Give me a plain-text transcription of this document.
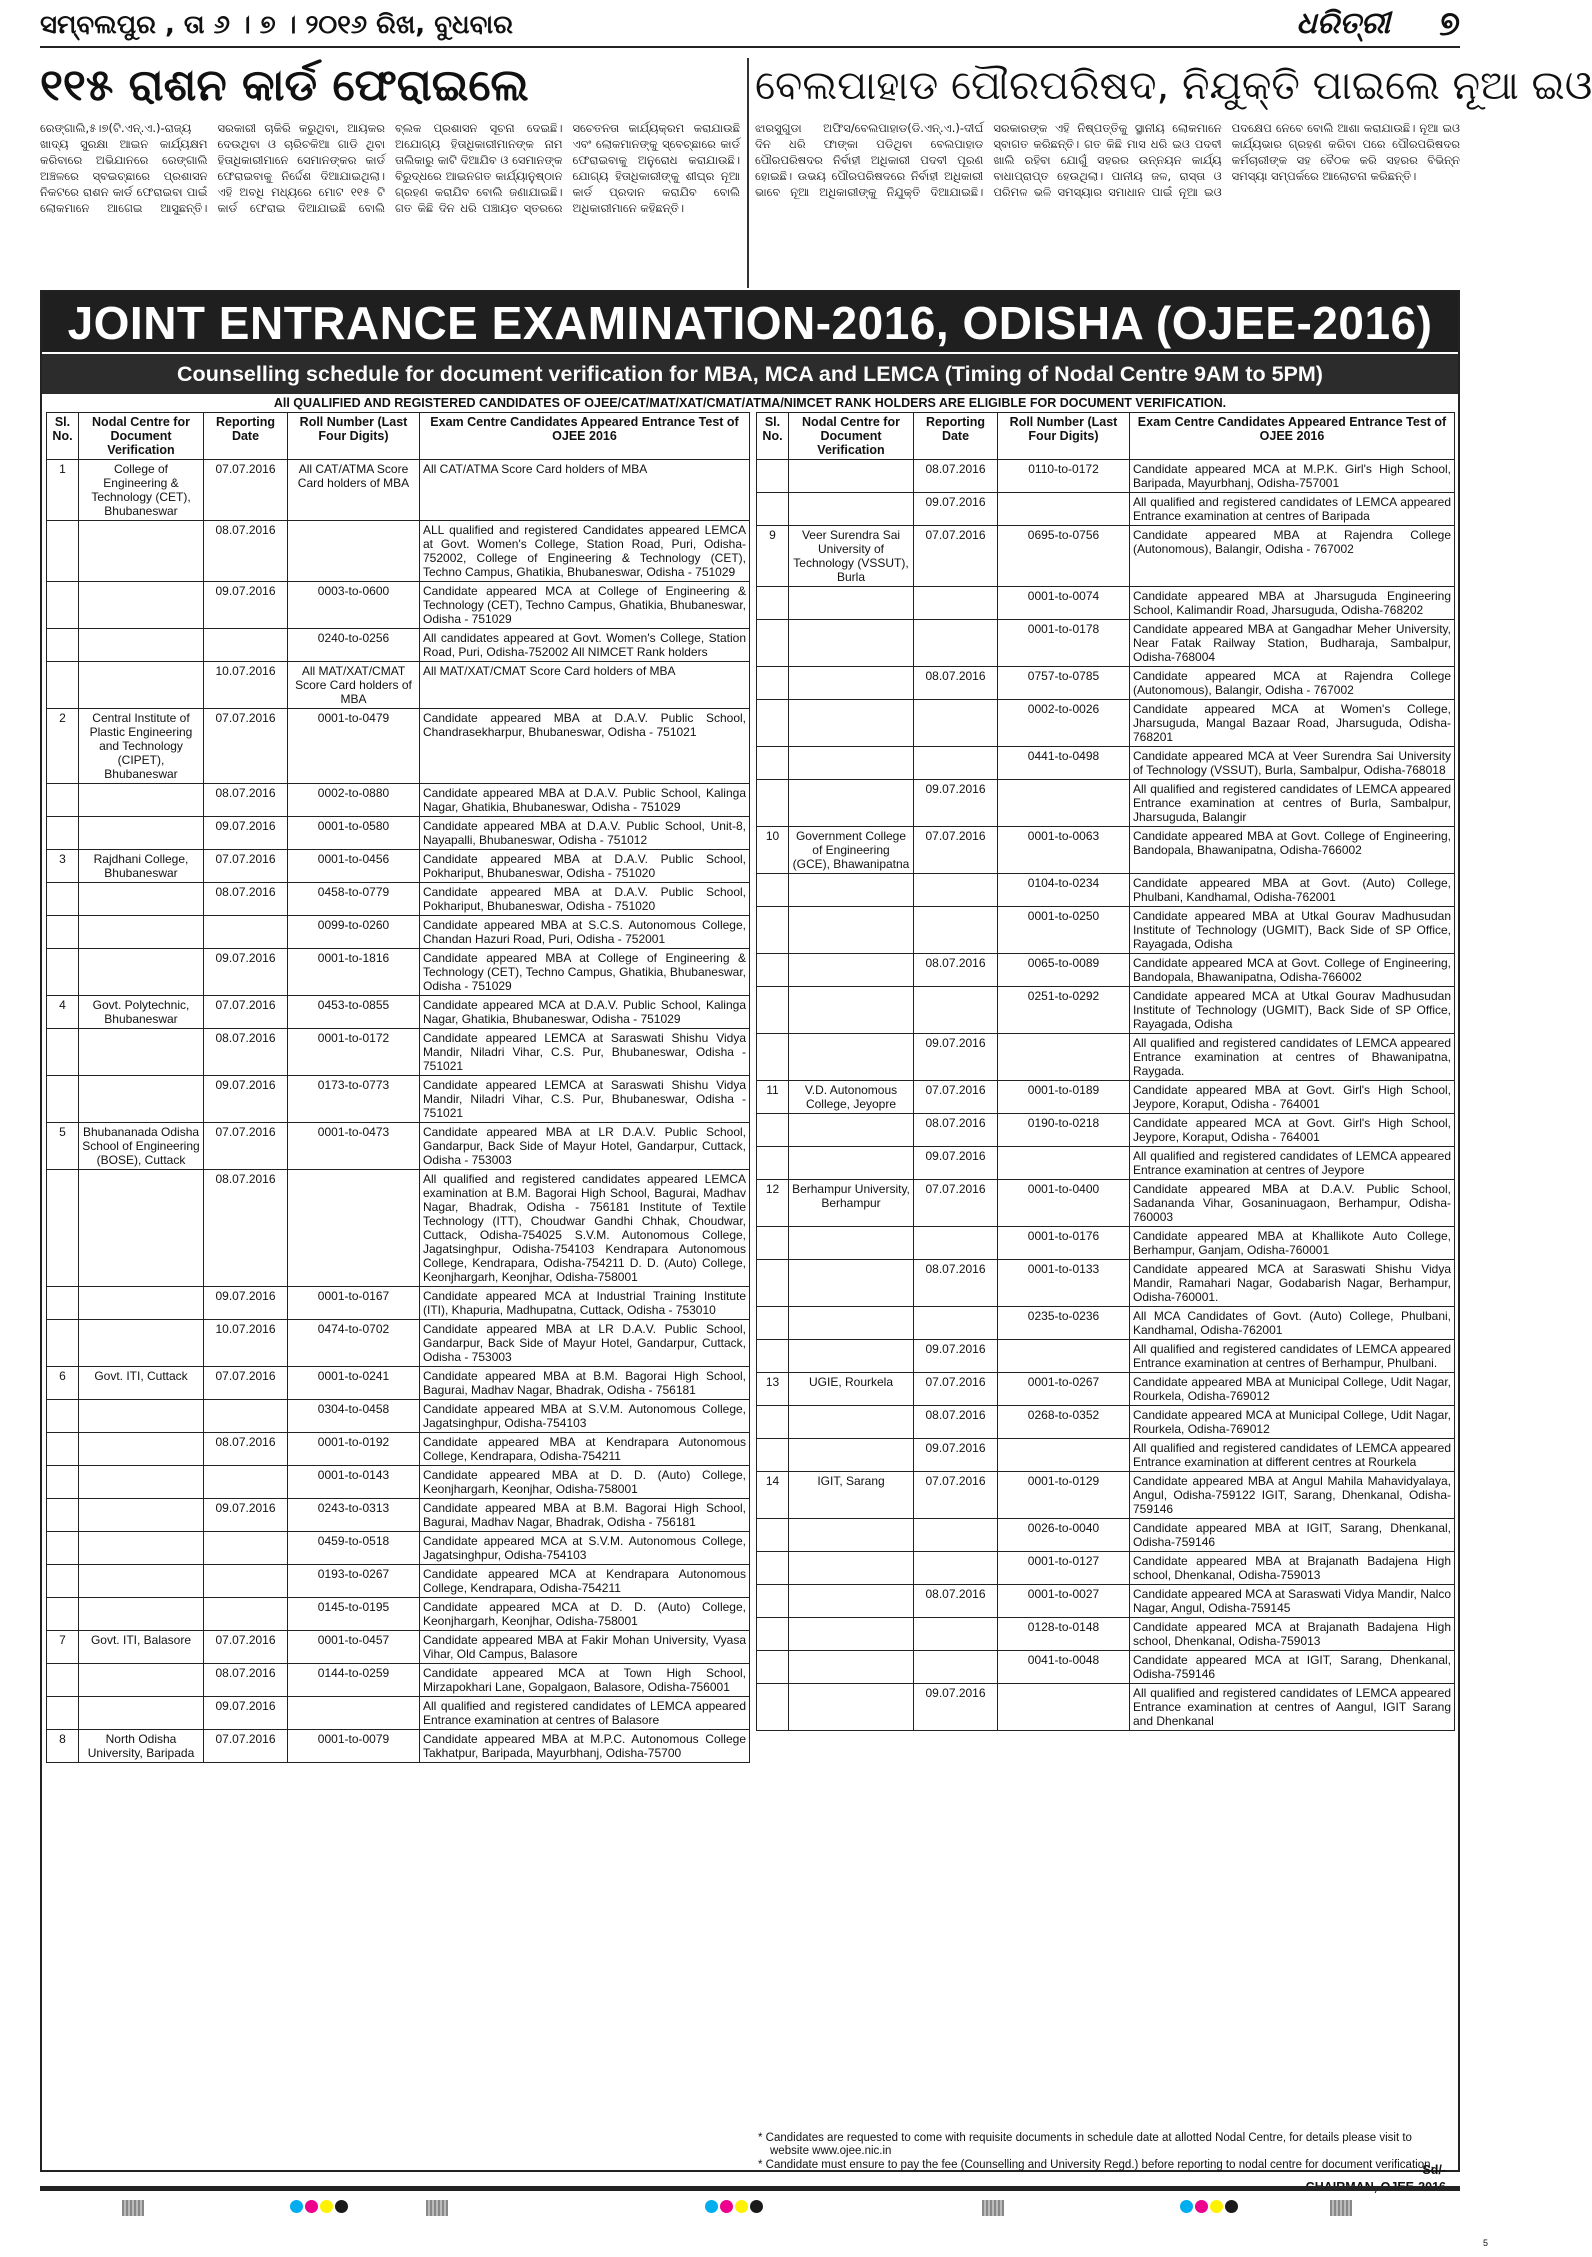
ସମ୍ବଲପୁର , ତା ୬ । ୭ । ୨୦୧୬ ରିଖ, ବୁଧବାର	ଧରିତ୍ରୀ ୭
୧୧୫ ରାଶନ କାର୍ଡ ଫେରାଇଲେ
ରେଙ୍ଗାଲି,୫।୭(ଟି.ଏନ୍.ଏ.)-ରାଜ୍ୟ ଖାଦ୍ୟ ସୁରକ୍ଷା ଆଇନ କାର୍ଯ୍ୟକ୍ଷମ କରିବାରେ ଅଭିଯାନରେ ରେଙ୍ଗାଲି ଅଞ୍ଚଳରେ ସ୍ବଇଚ୍ଛାରେ ପ୍ରଶାସନ ନିକଟରେ ରାଶନ କାର୍ଡ ଫେରାଇବା ପାଇଁ ଲୋକମାନେ ଆଗେଇ ଆସୁଛନ୍ତି। ସରକାରୀ ଚାକିରି କରୁଥିବା, ଆୟକର ଦେଉଥିବା ଓ ଚାରିଚକିଆ ଗାଡି ଥିବା ହିତାଧିକାରୀମାନେ ସେମାନଙ୍କର କାର୍ଡ ଫେରାଇବାକୁ ନିର୍ଦ୍ଦେଶ ଦିଆଯାଇଥିଲା। ଏହି ଅବଧି ମଧ୍ୟରେ ମୋଟ ୧୧୫ ଟି କାର୍ଡ ଫେରାଇ ଦିଆଯାଇଛି ବୋଲି ବ୍ଲକ ପ୍ରଶାସନ ସୂଚନା ଦେଇଛି। ଅଯୋଗ୍ୟ ହିତାଧିକାରୀମାନଙ୍କ ନାମ ତାଲିକାରୁ କାଟି ଦିଆଯିବ ଓ ସେମାନଙ୍କ ବିରୁଦ୍ଧରେ ଆଇନଗତ କାର୍ଯ୍ୟାନୁଷ୍ଠାନ ଗ୍ରହଣ କରାଯିବ ବୋଲି ଜଣାଯାଇଛି। ଗତ କିଛି ଦିନ ଧରି ପଞ୍ଚାୟତ ସ୍ତରରେ ସଚେତନତା କାର୍ଯ୍ୟକ୍ରମ କରାଯାଉଛି ଏବଂ ଲୋକମାନଙ୍କୁ ସ୍ବେଚ୍ଛାରେ କାର୍ଡ ଫେରାଇବାକୁ ଅନୁରୋଧ କରାଯାଉଛି। ଯୋଗ୍ୟ ହିତାଧିକାରୀଙ୍କୁ ଶୀଘ୍ର ନୂଆ କାର୍ଡ ପ୍ରଦାନ କରାଯିବ ବୋଲି ଅଧିକାରୀମାନେ କହିଛନ୍ତି।
ବେଲପାହାଡ ପୌରପରିଷଦ, ନିଯୁକ୍ତି ପାଇଲେ ନୂଆ ଇଓ
ଝାରସୁଗୁଡା ଅଫିସ/ବେଲପାହାଡ(ଡି.ଏନ୍.ଏ.)-ଦୀର୍ଘ ଦିନ ଧରି ଫାଙ୍କା ପଡିଥିବା ବେଲପାହାଡ ପୌରପରିଷଦର ନିର୍ବାହୀ ଅଧିକାରୀ ପଦବୀ ପୂରଣ ହୋଇଛି। ଉଭୟ ପୌରପରିଷଦରେ ନିର୍ବାହୀ ଅଧିକାରୀ ଭାବେ ନୂଆ ଅଧିକାରୀଙ୍କୁ ନିଯୁକ୍ତି ଦିଆଯାଇଛି। ସରକାରଙ୍କ ଏହି ନିଷ୍ପତ୍ତିକୁ ସ୍ଥାନୀୟ ଲୋକମାନେ ସ୍ବାଗତ କରିଛନ୍ତି। ଗତ କିଛି ମାସ ଧରି ଇଓ ପଦବୀ ଖାଲି ରହିବା ଯୋଗୁଁ ସହରର ଉନ୍ନୟନ କାର୍ଯ୍ୟ ବାଧାପ୍ରାପ୍ତ ହେଉଥିଲା। ପାନୀୟ ଜଳ, ରାସ୍ତା ଓ ପରିମଳ ଭଳି ସମସ୍ୟାର ସମାଧାନ ପାଇଁ ନୂଆ ଇଓ ପଦକ୍ଷେପ ନେବେ ବୋଲି ଆଶା କରାଯାଉଛି। ନୂଆ ଇଓ କାର୍ଯ୍ୟଭାର ଗ୍ରହଣ କରିବା ପରେ ପୌରପରିଷଦର କର୍ମଚାରୀଙ୍କ ସହ ବୈଠକ କରି ସହରର ବିଭିନ୍ନ ସମସ୍ୟା ସମ୍ପର୍କରେ ଆଲୋଚନା କରିଛନ୍ତି।
JOINT ENTRANCE EXAMINATION-2016, ODISHA (OJEE-2016)
Counselling schedule for document verification for MBA, MCA and LEMCA (Timing of Nodal Centre 9AM to 5PM)
All QUALIFIED AND REGISTERED CANDIDATES OF OJEE/CAT/MAT/XAT/CMAT/ATMA/NIMCET RANK HOLDERS ARE ELIGIBLE FOR DOCUMENT VERIFICATION.
Sl. No.	Nodal Centre for Document Verification	Reporting Date	Roll Number (Last Four Digits)	Exam Centre Candidates Appeared Entrance Test of OJEE 2016
1	College of Engineering & Technology (CET), Bhubaneswar	07.07.2016	All CAT/ATMA Score Card holders of MBA	All CAT/ATMA Score Card holders of MBA
		08.07.2016		ALL qualified and registered Candidates appeared LEMCA at Govt. Women's College, Station Road, Puri, Odisha-752002, College of Engineering & Technology (CET), Techno Campus, Ghatikia, Bhubaneswar, Odisha - 751029
		09.07.2016	0003-to-0600	Candidate appeared MCA at College of Engineering & Technology (CET), Techno Campus, Ghatikia, Bhubaneswar, Odisha - 751029
			0240-to-0256	All candidates appeared at Govt. Women's College, Station Road, Puri, Odisha-752002 All NIMCET Rank holders
		10.07.2016	All MAT/XAT/CMAT Score Card holders of MBA	All MAT/XAT/CMAT Score Card holders of MBA
2	Central Institute of Plastic Engineering and Technology (CIPET), Bhubaneswar	07.07.2016	0001-to-0479	Candidate appeared MBA at D.A.V. Public School, Chandrasekharpur, Bhubaneswar, Odisha - 751021
		08.07.2016	0002-to-0880	Candidate appeared MBA at D.A.V. Public School, Kalinga Nagar, Ghatikia, Bhubaneswar, Odisha - 751029
		09.07.2016	0001-to-0580	Candidate appeared MBA at D.A.V. Public School, Unit-8, Nayapalli, Bhubaneswar, Odisha - 751012
3	Rajdhani College, Bhubaneswar	07.07.2016	0001-to-0456	Candidate appeared MBA at D.A.V. Public School, Pokhariput, Bhubaneswar, Odisha - 751020
		08.07.2016	0458-to-0779	Candidate appeared MBA at D.A.V. Public School, Pokhariput, Bhubaneswar, Odisha - 751020
			0099-to-0260	Candidate appeared MBA at S.C.S. Autonomous College, Chandan Hazuri Road, Puri, Odisha - 752001
		09.07.2016	0001-to-1816	Candidate appeared MBA at College of Engineering & Technology (CET), Techno Campus, Ghatikia, Bhubaneswar, Odisha - 751029
4	Govt. Polytechnic, Bhubaneswar	07.07.2016	0453-to-0855	Candidate appeared MCA at D.A.V. Public School, Kalinga Nagar, Ghatikia, Bhubaneswar, Odisha - 751029
		08.07.2016	0001-to-0172	Candidate appeared LEMCA at Saraswati Shishu Vidya Mandir, Niladri Vihar, C.S. Pur, Bhubaneswar, Odisha - 751021
		09.07.2016	0173-to-0773	Candidate appeared LEMCA at Saraswati Shishu Vidya Mandir, Niladri Vihar, C.S. Pur, Bhubaneswar, Odisha - 751021
5	Bhubananada Odisha School of Engineering (BOSE), Cuttack	07.07.2016	0001-to-0473	Candidate appeared MBA at LR D.A.V. Public School, Gandarpur, Back Side of Mayur Hotel, Gandarpur, Cuttack, Odisha - 753003
		08.07.2016		All qualified and registered candidates appeared LEMCA examination at B.M. Bagorai High School, Bagurai, Madhav Nagar, Bhadrak, Odisha - 756181 Institute of Textile Technology (ITT), Choudwar Gandhi Chhak, Choudwar, Cuttack, Odisha-754025 S.V.M. Autonomous College, Jagatsinghpur, Odisha-754103 Kendrapara Autonomous College, Kendrapara, Odisha-754211 D. D. (Auto) College, Keonjhargarh, Keonjhar, Odisha-758001
		09.07.2016	0001-to-0167	Candidate appeared MCA at Industrial Training Institute (ITI), Khapuria, Madhupatna, Cuttack, Odisha - 753010
		10.07.2016	0474-to-0702	Candidate appeared MBA at LR D.A.V. Public School, Gandarpur, Back Side of Mayur Hotel, Gandarpur, Cuttack, Odisha - 753003
6	Govt. ITI, Cuttack	07.07.2016	0001-to-0241	Candidate appeared MBA at B.M. Bagorai High School, Bagurai, Madhav Nagar, Bhadrak, Odisha - 756181
			0304-to-0458	Candidate appeared MBA at S.V.M. Autonomous College, Jagatsinghpur, Odisha-754103
		08.07.2016	0001-to-0192	Candidate appeared MBA at Kendrapara Autonomous College, Kendrapara, Odisha-754211
			0001-to-0143	Candidate appeared MBA at D. D. (Auto) College, Keonjhargarh, Keonjhar, Odisha-758001
		09.07.2016	0243-to-0313	Candidate appeared MBA at B.M. Bagorai High School, Bagurai, Madhav Nagar, Bhadrak, Odisha - 756181
			0459-to-0518	Candidate appeared MCA at S.V.M. Autonomous College, Jagatsinghpur, Odisha-754103
			0193-to-0267	Candidate appeared MCA at Kendrapara Autonomous College, Kendrapara, Odisha-754211
			0145-to-0195	Candidate appeared MCA at D. D. (Auto) College, Keonjhargarh, Keonjhar, Odisha-758001
7	Govt. ITI, Balasore	07.07.2016	0001-to-0457	Candidate appeared MBA at Fakir Mohan University, Vyasa Vihar, Old Campus, Balasore
		08.07.2016	0144-to-0259	Candidate appeared MCA at Town High School, Mirzapokhari Lane, Gopalgaon, Balasore, Odisha-756001
		09.07.2016		All qualified and registered candidates of LEMCA appeared Entrance examination at centres of Balasore
8	North Odisha University, Baripada	07.07.2016	0001-to-0079	Candidate appeared MBA at M.P.C. Autonomous College Takhatpur, Baripada, Mayurbhanj, Odisha-75700
Sl. No.	Nodal Centre for Document Verification	Reporting Date	Roll Number (Last Four Digits)	Exam Centre Candidates Appeared Entrance Test of OJEE 2016
		08.07.2016	0110-to-0172	Candidate appeared MCA at M.P.K. Girl's High School, Baripada, Mayurbhanj, Odisha-757001
		09.07.2016		All qualified and registered candidates of LEMCA appeared Entrance examination at centres of Baripada
9	Veer Surendra Sai University of Technology (VSSUT), Burla	07.07.2016	0695-to-0756	Candidate appeared MBA at Rajendra College (Autonomous), Balangir, Odisha - 767002
			0001-to-0074	Candidate appeared MBA at Jharsuguda Engineering School, Kalimandir Road, Jharsuguda, Odisha-768202
			0001-to-0178	Candidate appeared MBA at Gangadhar Meher University, Near Fatak Railway Station, Budharaja, Sambalpur, Odisha-768004
		08.07.2016	0757-to-0785	Candidate appeared MCA at Rajendra College (Autonomous), Balangir, Odisha - 767002
			0002-to-0026	Candidate appeared MCA at Women's College, Jharsuguda, Mangal Bazaar Road, Jharsuguda, Odisha-768201
			0441-to-0498	Candidate appeared MCA at Veer Surendra Sai University of Technology (VSSUT), Burla, Sambalpur, Odisha-768018
		09.07.2016		All qualified and registered candidates of LEMCA appeared Entrance examination at centres of Burla, Sambalpur, Jharsuguda, Balangir
10	Government College of Engineering (GCE), Bhawanipatna	07.07.2016	0001-to-0063	Candidate appeared MBA at Govt. College of Engineering, Bandopala, Bhawanipatna, Odisha-766002
			0104-to-0234	Candidate appeared MBA at Govt. (Auto) College, Phulbani, Kandhamal, Odisha-762001
			0001-to-0250	Candidate appeared MBA at Utkal Gourav Madhusudan Institute of Technology (UGMIT), Back Side of SP Office, Rayagada, Odisha
		08.07.2016	0065-to-0089	Candidate appeared MCA at Govt. College of Engineering, Bandopala, Bhawanipatna, Odisha-766002
			0251-to-0292	Candidate appeared MCA at Utkal Gourav Madhusudan Institute of Technology (UGMIT), Back Side of SP Office, Rayagada, Odisha
		09.07.2016		All qualified and registered candidates of LEMCA appeared Entrance examination at centres of Bhawanipatna, Raygada.
11	V.D. Autonomous College, Jeyopre	07.07.2016	0001-to-0189	Candidate appeared MBA at Govt. Girl's High School, Jeypore, Koraput, Odisha - 764001
		08.07.2016	0190-to-0218	Candidate appeared MCA at Govt. Girl's High School, Jeypore, Koraput, Odisha - 764001
		09.07.2016		All qualified and registered candidates of LEMCA appeared Entrance examination at centres of Jeypore
12	Berhampur University, Berhampur	07.07.2016	0001-to-0400	Candidate appeared MBA at D.A.V. Public School, Sadananda Vihar, Gosaninuagaon, Berhampur, Odisha-760003
			0001-to-0176	Candidate appeared MBA at Khallikote Auto College, Berhampur, Ganjam, Odisha-760001
		08.07.2016	0001-to-0133	Candidate appeared MCA at Saraswati Shishu Vidya Mandir, Ramahari Nagar, Godabarish Nagar, Berhampur, Odisha-760001.
			0235-to-0236	All MCA Candidates of Govt. (Auto) College, Phulbani, Kandhamal, Odisha-762001
		09.07.2016		All qualified and registered candidates of LEMCA appeared Entrance examination at centres of Berhampur, Phulbani.
13	UGIE, Rourkela	07.07.2016	0001-to-0267	Candidate appeared MBA at Municipal College, Udit Nagar, Rourkela, Odisha-769012
		08.07.2016	0268-to-0352	Candidate appeared MCA at Municipal College, Udit Nagar, Rourkela, Odisha-769012
		09.07.2016		All qualified and registered candidates of LEMCA appeared Entrance examination at different centres at Rourkela
14	IGIT, Sarang	07.07.2016	0001-to-0129	Candidate appeared MBA at Angul Mahila Mahavidyalaya, Angul, Odisha-759122 IGIT, Sarang, Dhenkanal, Odisha-759146
			0026-to-0040	Candidate appeared MBA at IGIT, Sarang, Dhenkanal, Odisha-759146
			0001-to-0127	Candidate appeared MBA at Brajanath Badajena High school, Dhenkanal, Odisha-759013
		08.07.2016	0001-to-0027	Candidate appeared MCA at Saraswati Vidya Mandir, Nalco Nagar, Angul, Odisha-759145
			0128-to-0148	Candidate appeared MCA at Brajanath Badajena High school, Dhenkanal, Odisha-759013
			0041-to-0048	Candidate appeared MCA at IGIT, Sarang, Dhenkanal, Odisha-759146
		09.07.2016		All qualified and registered candidates of LEMCA appeared Entrance examination at centres of Aangul, IGIT Sarang and Dhenkanal
* Candidates are requested to come with requisite documents in schedule date at allotted Nodal Centre, for details please visit to website www.ojee.nic.in
* Candidate must ensure to pay the fee (Counselling and University Regd.) before reporting to nodal centre for document verification.
Sd/-
5
